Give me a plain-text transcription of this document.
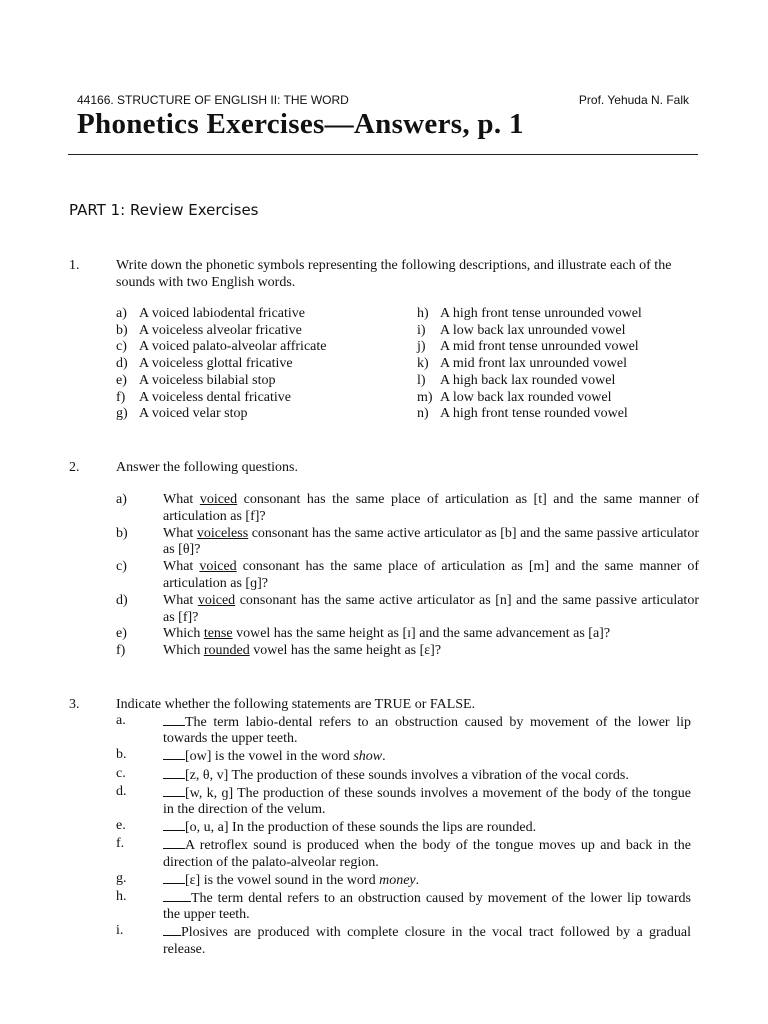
44166. STRUCTURE OF ENGLISH II: THE WORD	Prof. Yehuda N. Falk
Phonetics Exercises—Answers, p. 1
PART 1: Review Exercises
1.	Write down the phonetic symbols representing the following descriptions, and illustrate each of the sounds with two English words.
a) A voiced labiodental fricative
b) A voiceless alveolar fricative
c) A voiced palato-alveolar affricate
d) A voiceless glottal fricative
e) A voiceless bilabial stop
f) A voiceless dental fricative
g) A voiced velar stop
h) A high front tense unrounded vowel
i) A low back lax unrounded vowel
j) A mid front tense unrounded vowel
k) A mid front lax unrounded vowel
l) A high back lax rounded vowel
m) A low back lax rounded vowel
n) A high front tense rounded vowel
2.	Answer the following questions.
a)	What voiced consonant has the same place of articulation as [t] and the same manner of articulation as [f]?
b)	What voiceless consonant has the same active articulator as [b] and the same passive articulator as [θ]?
c)	What voiced consonant has the same place of articulation as [m] and the same manner of articulation as [ɡ]?
d)	What voiced consonant has the same active articulator as [n] and the same passive articulator as [f]?
e)	Which tense vowel has the same height as [ɪ] and the same advancement as [a]?
f)	Which rounded vowel has the same height as [ɛ]?
3.	Indicate whether the following statements are TRUE or FALSE.
a.	The term labio-dental refers to an obstruction caused by movement of the lower lip towards the upper teeth.
b.	[ow] is the vowel in the word show.
c.	[z, θ, v] The production of these sounds involves a vibration of the vocal cords.
d.	[w, k, ɡ] The production of these sounds involves a movement of the body of the tongue in the direction of the velum.
e.	[o, u, a] In the production of these sounds the lips are rounded.
f.	A retroflex sound is produced when the body of the tongue moves up and back in the direction of the palato-alveolar region.
g.	[ɛ] is the vowel sound in the word money.
h.	The term dental refers to an obstruction caused by movement of the lower lip towards the upper teeth.
i.	Plosives are produced with complete closure in the vocal tract followed by a gradual release.
